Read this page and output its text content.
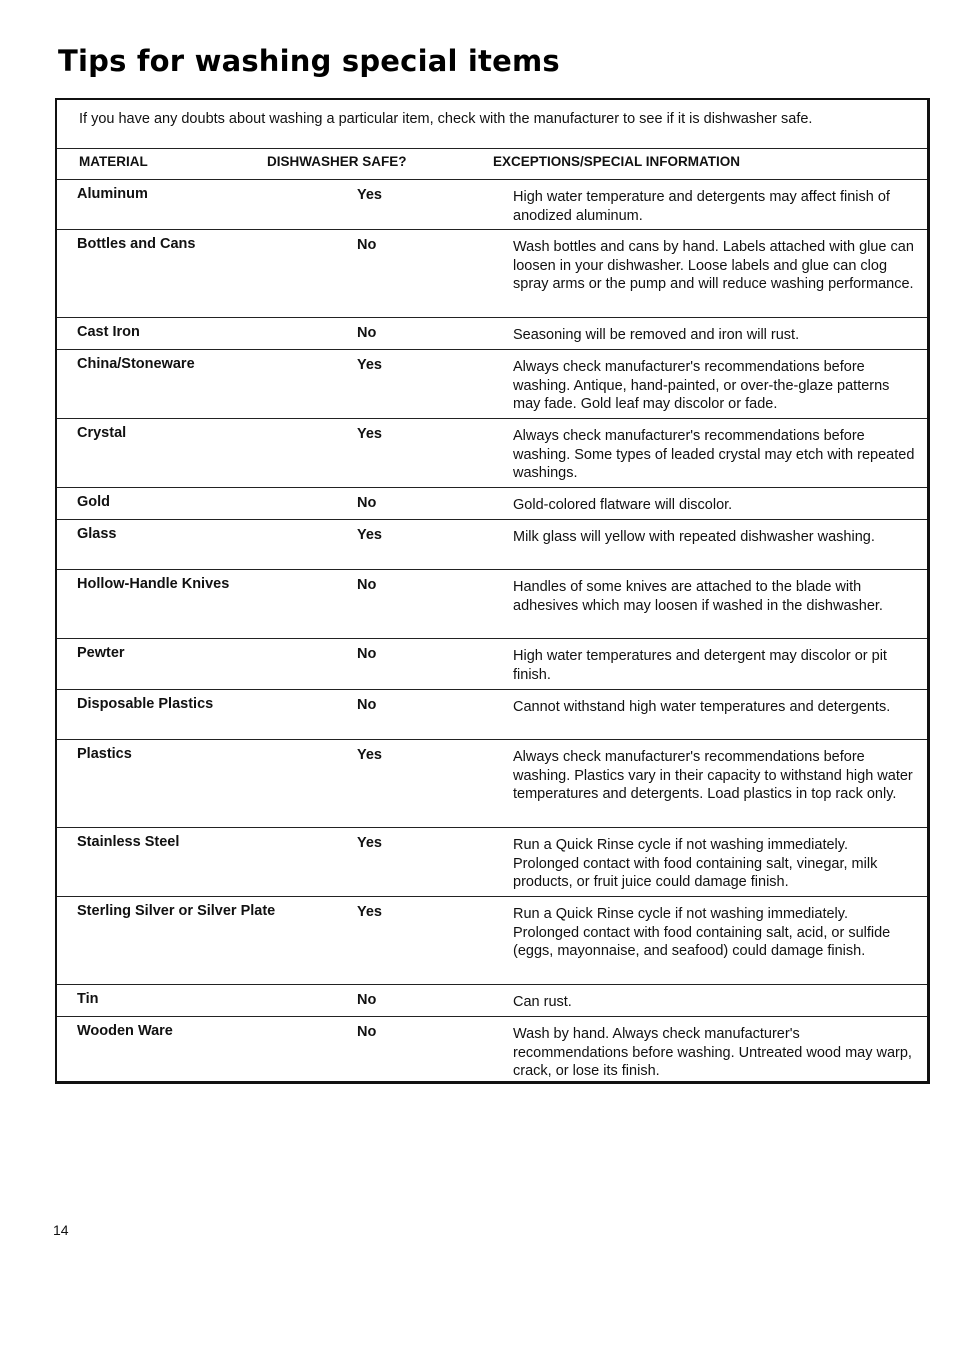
Tips for washing special items
If you have any doubts about washing a particular item, check with the manufacturer to see if it is dishwasher safe.
MATERIAL	DISHWASHER SAFE?	EXCEPTIONS/SPECIAL INFORMATION
Aluminum	Yes	High water temperature and detergents may affect finish of anodized aluminum.
Bottles and Cans	No	Wash bottles and cans by hand. Labels attached with glue can loosen in your dishwasher. Loose labels and glue can clog spray arms or the pump and will reduce washing performance.
Cast Iron	No	Seasoning will be removed and iron will rust.
China/Stoneware	Yes	Always check manufacturer's recommendations before washing. Antique, hand-painted, or over-the-glaze patterns may fade. Gold leaf may discolor or fade.
Crystal	Yes	Always check manufacturer's recommendations before washing. Some types of leaded crystal may etch with repeated washings.
Gold	No	Gold-colored flatware will discolor.
Glass	Yes	Milk glass will yellow with repeated dishwasher washing.
Hollow-Handle Knives	No	Handles of some knives are attached to the blade with adhesives which may loosen if washed in the dishwasher.
Pewter	No	High water temperatures and detergent may discolor or pit finish.
Disposable Plastics	No	Cannot withstand high water temperatures and detergents.
Plastics	Yes	Always check manufacturer's recommendations before washing. Plastics vary in their capacity to withstand high water temperatures and detergents. Load plastics in top rack only.
Stainless Steel	Yes	Run a Quick Rinse cycle if not washing immediately. Prolonged contact with food containing salt, vinegar, milk products, or fruit juice could damage finish.
Sterling Silver or Silver Plate	Yes	Run a Quick Rinse cycle if not washing immediately. Prolonged contact with food containing salt, acid, or sulfide (eggs, mayonnaise, and seafood) could damage finish.
Tin	No	Can rust.
Wooden Ware	No	Wash by hand. Always check manufacturer's recommendations before washing. Untreated wood may warp, crack, or lose its finish.
14
